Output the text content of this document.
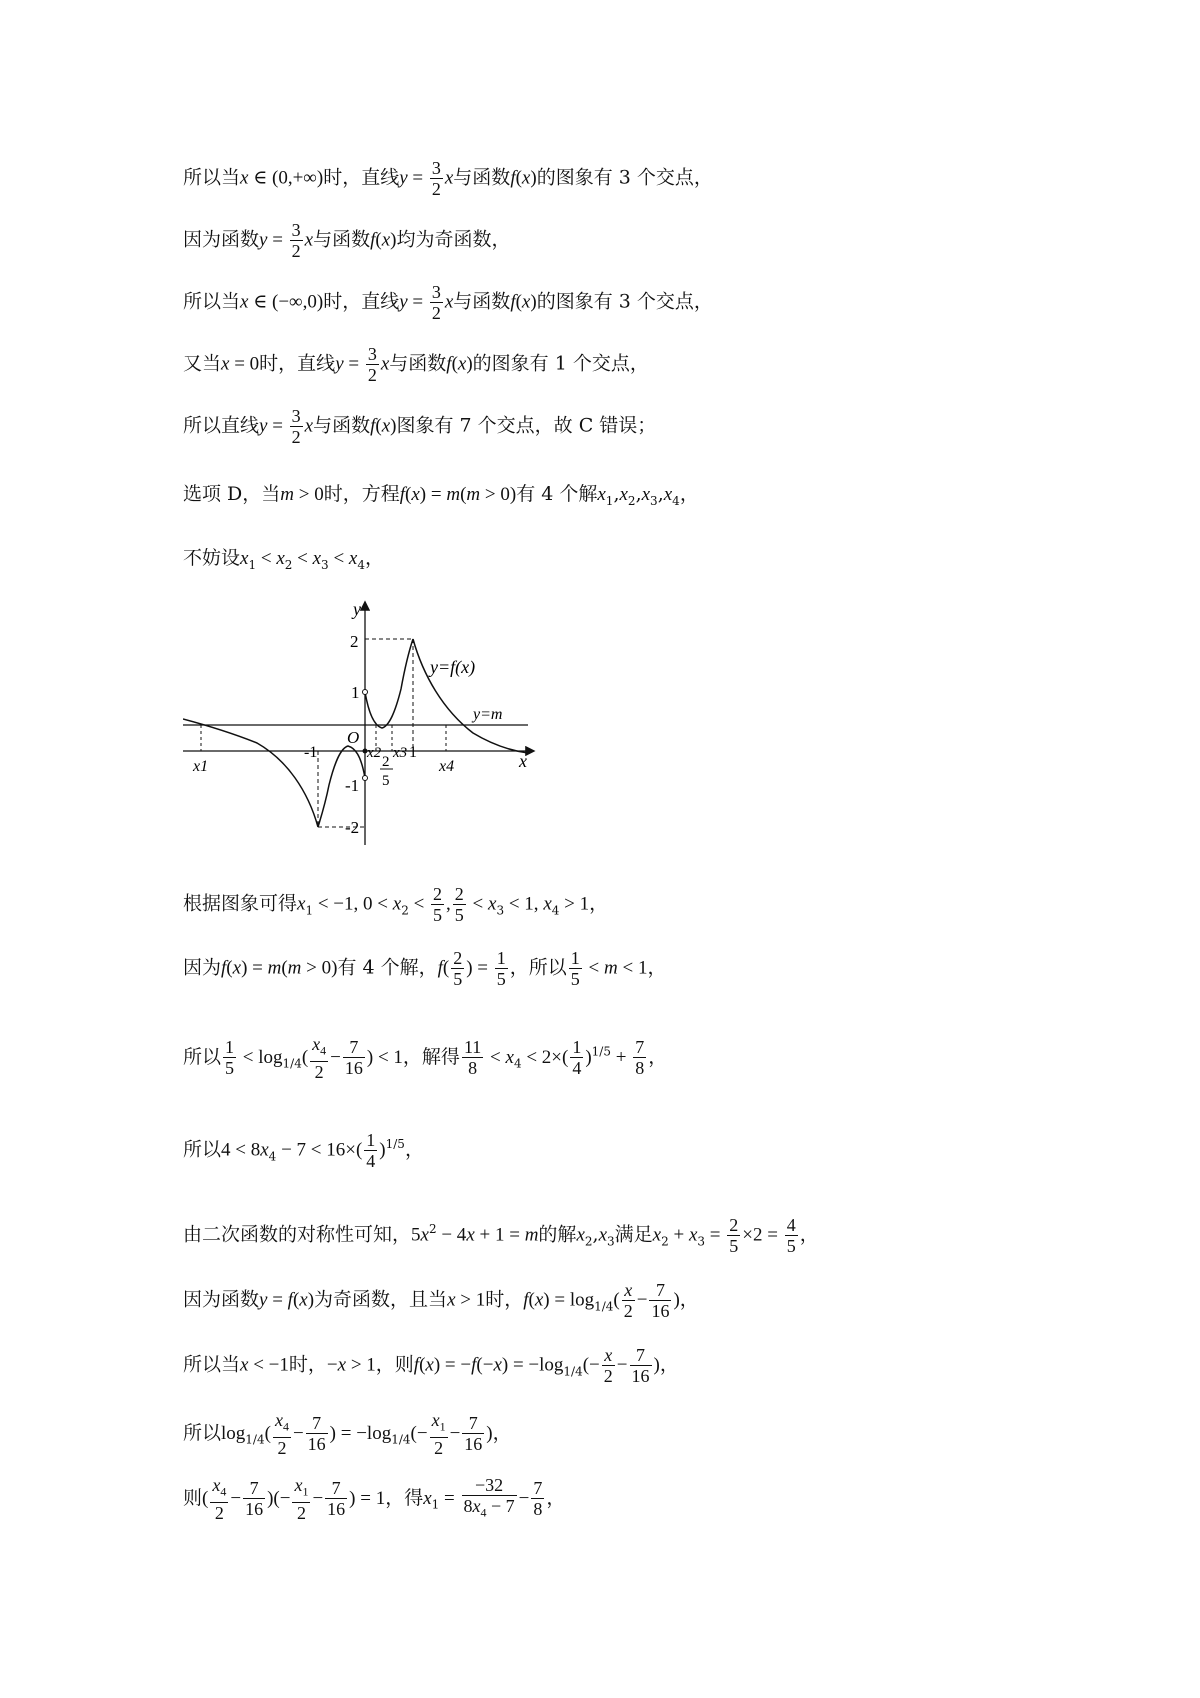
所以当x ∈ (0,+∞)时，直线$y = \frac{3}{2}$ x与函数f(x)的图象有 3 个交点，
因为函数$y = \frac{3}{2}$ x与函数f(x)均为奇函数，
所以当x ∈ (−∞,0)时，直线$y = \frac{3}{2}$ x与函数f(x)的图象有 3 个交点，
又当x = 0时，直线$y = \frac{3}{2}$ x与函数f(x)的图象有 1 个交点，
所以直线$y = \frac{3}{2}$ x与函数f(x)图象有 7 个交点，故 C 错误；
选项 D，当m > 0时，方程f(x) = m(m > 0)有 4 个解$x_1,x_2,x_3,x_4$，
不妨设$x_1 < x_2 < x_3 < x_4$，
y
x
O
y=f(x)
y=m
2
1
-1
-2
x1
-1	x2
2
5
x3 1
x4
根据图象可得$x_1 < -1$, $0 < x_2 < \frac{2}{5}$ , $\frac{2}{5} < x_3 < 1$, $x_4 > 1$，
因为f(x) = m(m > 0)有 4 个解，$f( \frac{2}{5}$ ) = $\frac{1}{5}$ ，所以 $\frac{1}{5} < m < 1$，
所以 $\frac{1}{5} < \log_{1/4}( \frac{x_4}{2} - \frac{7}{16}$ ) < 1，解得 $\frac{11}{8} < x_4 < 2\times( \frac{1}{4} )^{1/5} + \frac{7}{8}$ ，
所以$4 < 8x_4 - 7 < 16\times( \frac{1}{4} )^{1/5}$，
由二次函数的对称性可知，$5x^2 - 4x + 1 = m$的解$x_2,x_3$满足$x_2 + x_3 = \frac{2}{5} \times 2 = \frac{4}{5}$ ，
因为函数y = f(x)为奇函数，且当x > 1时，$f(x) = \log_{1/4}( \frac{x}{2} - \frac{7}{16}$ )，
所以当x < −1时，−x > 1，则$f(x) = -f(-x) = -\log_{1/4}(- \frac{x}{2} - \frac{7}{16}$ )，
所以$\log_{1/4}( \frac{x_4}{2} - \frac{7}{16}$ ) = $-\log_{1/4}(- \frac{x_1}{2} - \frac{7}{16}$ )，
则( $\frac{x_4}{2} - \frac{7}{16}$ )(− $\frac{x_1}{2} - \frac{7}{16}$ ) = 1，得$x_1 = \frac{-32}{8x_4 - 7} - \frac{7}{8}$ ，
